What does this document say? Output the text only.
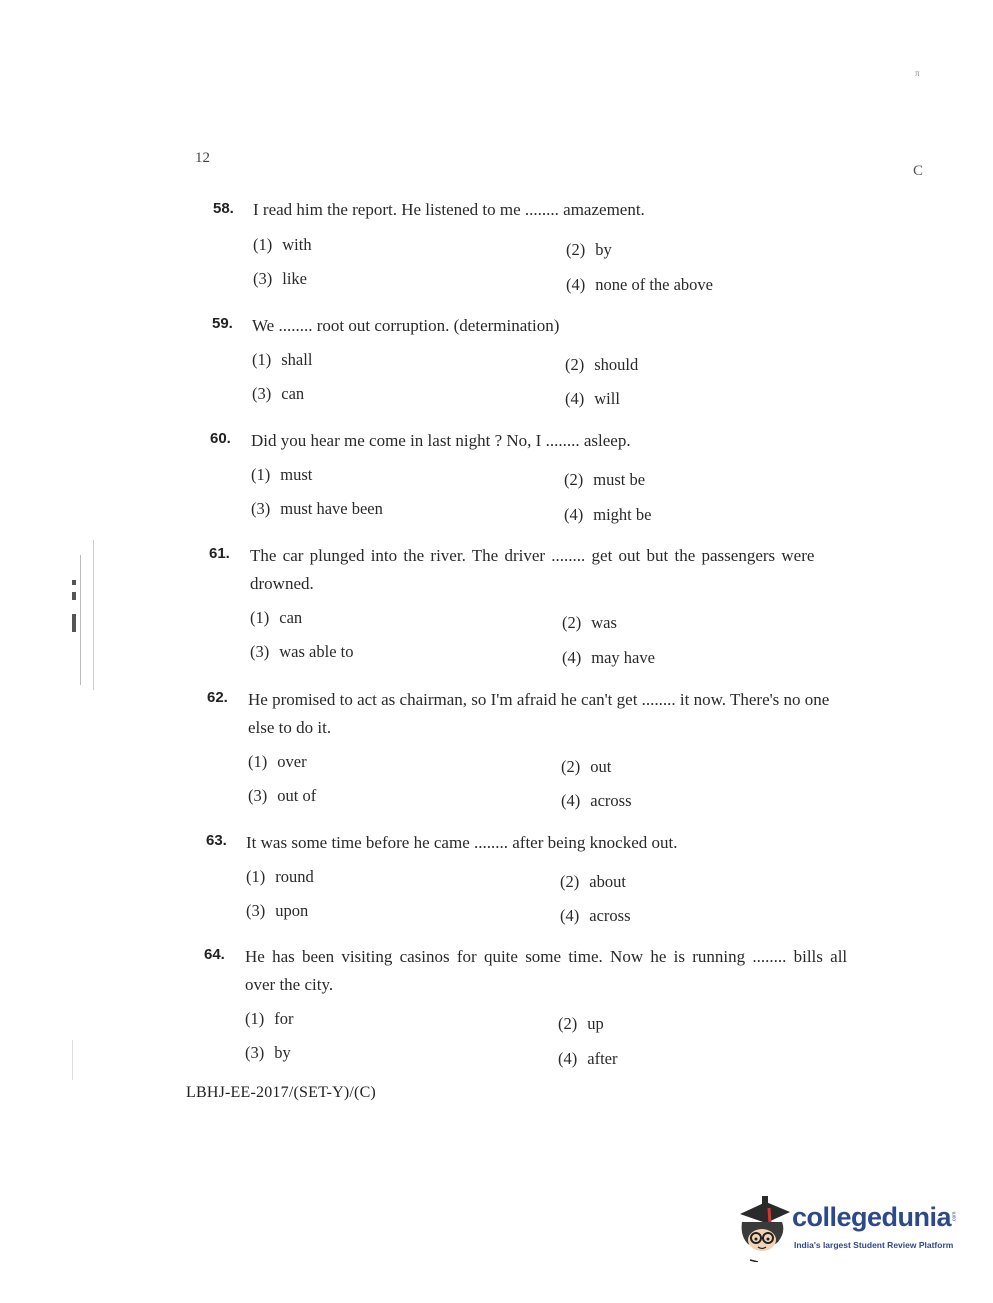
π
12
C
58. I read him the report. He listened to me ........ amazement.
(1) with	(2) by
(3) like	(4) none of the above
59. We ........ root out corruption. (determination)
(1) shall	(2) should
(3) can	(4) will
60. Did you hear me come in last night ? No, I ........ asleep.
(1) must	(2) must be
(3) must have been	(4) might be
61. The car plunged into the river. The driver ........ get out but the passengers were
drowned.
(1) can	(2) was
(3) was able to	(4) may have
62. He promised to act as chairman, so I'm afraid he can't get ........ it now. There's no one
else to do it.
(1) over	(2) out
(3) out of	(4) across
63. It was some time before he came ........ after being knocked out.
(1) round	(2) about
(3) upon	(4) across
64. He has been visiting casinos for quite some time. Now he is running ........ bills all
over the city.
(1) for	(2) up
(3) by	(4) after
LBHJ-EE-2017/(SET-Y)/(C)
collegedunia .com
India's largest Student Review Platform
